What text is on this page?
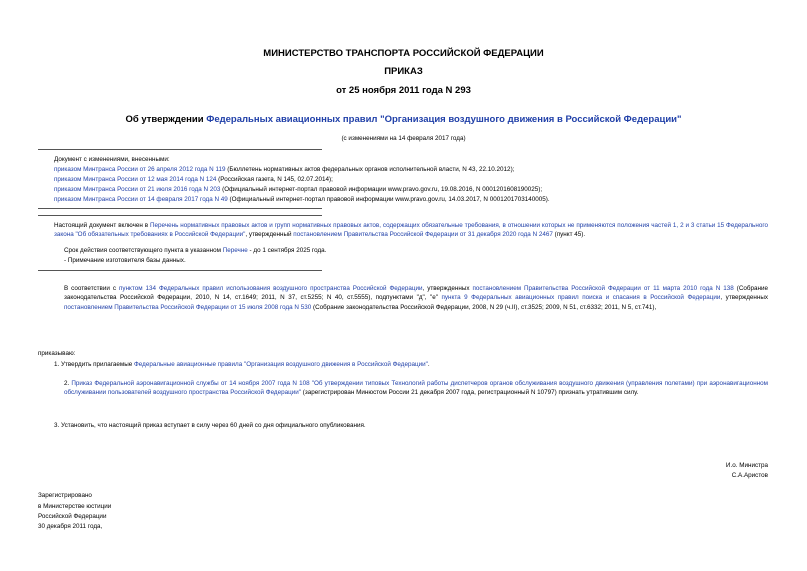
МИНИСТЕРСТВО ТРАНСПОРТА РОССИЙСКОЙ ФЕДЕРАЦИИ
ПРИКАЗ
от 25 ноября 2011 года N 293
Об утверждении Федеральных авиационных правил "Организация воздушного движения в Российской Федерации"
(с изменениями на 14 февраля 2017 года)
Документ с изменениями, внесенными:
приказом Минтранса России от 26 апреля 2012 года N 119 (Бюллетень нормативных актов федеральных органов исполнительной власти, N 43, 22.10.2012);
приказом Минтранса России от 12 мая 2014 года N 124 (Российская газета, N 145, 02.07.2014);
приказом Минтранса России от 21 июля 2016 года N 203 (Официальный интернет-портал правовой информации www.pravo.gov.ru, 19.08.2016, N 0001201608190025);
приказом Минтранса России от 14 февраля 2017 года N 49 (Официальный интернет-портал правовой информации www.pravo.gov.ru, 14.03.2017, N 0001201703140005).
Настоящий документ включен в Перечень нормативных правовых актов и групп нормативных правовых актов, содержащих обязательные требования, в отношении которых не применяются положения частей 1, 2 и 3 статьи 15 Федерального закона "Об обязательных требованиях в Российской Федерации", утвержденный постановлением Правительства Российской Федерации от 31 декабря 2020 года N 2467 (пункт 45).
Срок действия соответствующего пункта в указанном Перечне - до 1 сентября 2025 года.
- Примечание изготовителя базы данных.
В соответствии с пунктом 134 Федеральных правил использования воздушного пространства Российской Федерации, утвержденных постановлением Правительства Российской Федерации от 11 марта 2010 года N 138 (Собрание законодательства Российской Федерации, 2010, N 14, ст.1649; 2011, N 37, ст.5255; N 40, ст.5555), подпунктами "д", "е" пункта 9 Федеральных авиационных правил поиска и спасания в Российской Федерации, утвержденных постановлением Правительства Российской Федерации от 15 июля 2008 года N 530 (Собрание законодательства Российской Федерации, 2008, N 29 (ч.II), ст.3525; 2009, N 51, ст.6332; 2011, N 5, ст.741),
приказываю:
1. Утвердить прилагаемые Федеральные авиационные правила "Организация воздушного движения в Российской Федерации".
2. Приказ Федеральной аэронавигационной службы от 14 ноября 2007 года N 108 "Об утверждении типовых Технологий работы диспетчеров органов обслуживания воздушного движения (управления полетами) при аэронавигационном обслуживании пользователей воздушного пространства Российской Федерации" (зарегистрирован Минюстом России 21 декабря 2007 года, регистрационный N 10797) признать утратившим силу.
3. Установить, что настоящий приказ вступает в силу через 60 дней со дня официального опубликования.
И.о. Министра
С.А.Аристов
Зарегистрировано
в Министерстве юстиции
Российской Федерации
30 декабря 2011 года,
